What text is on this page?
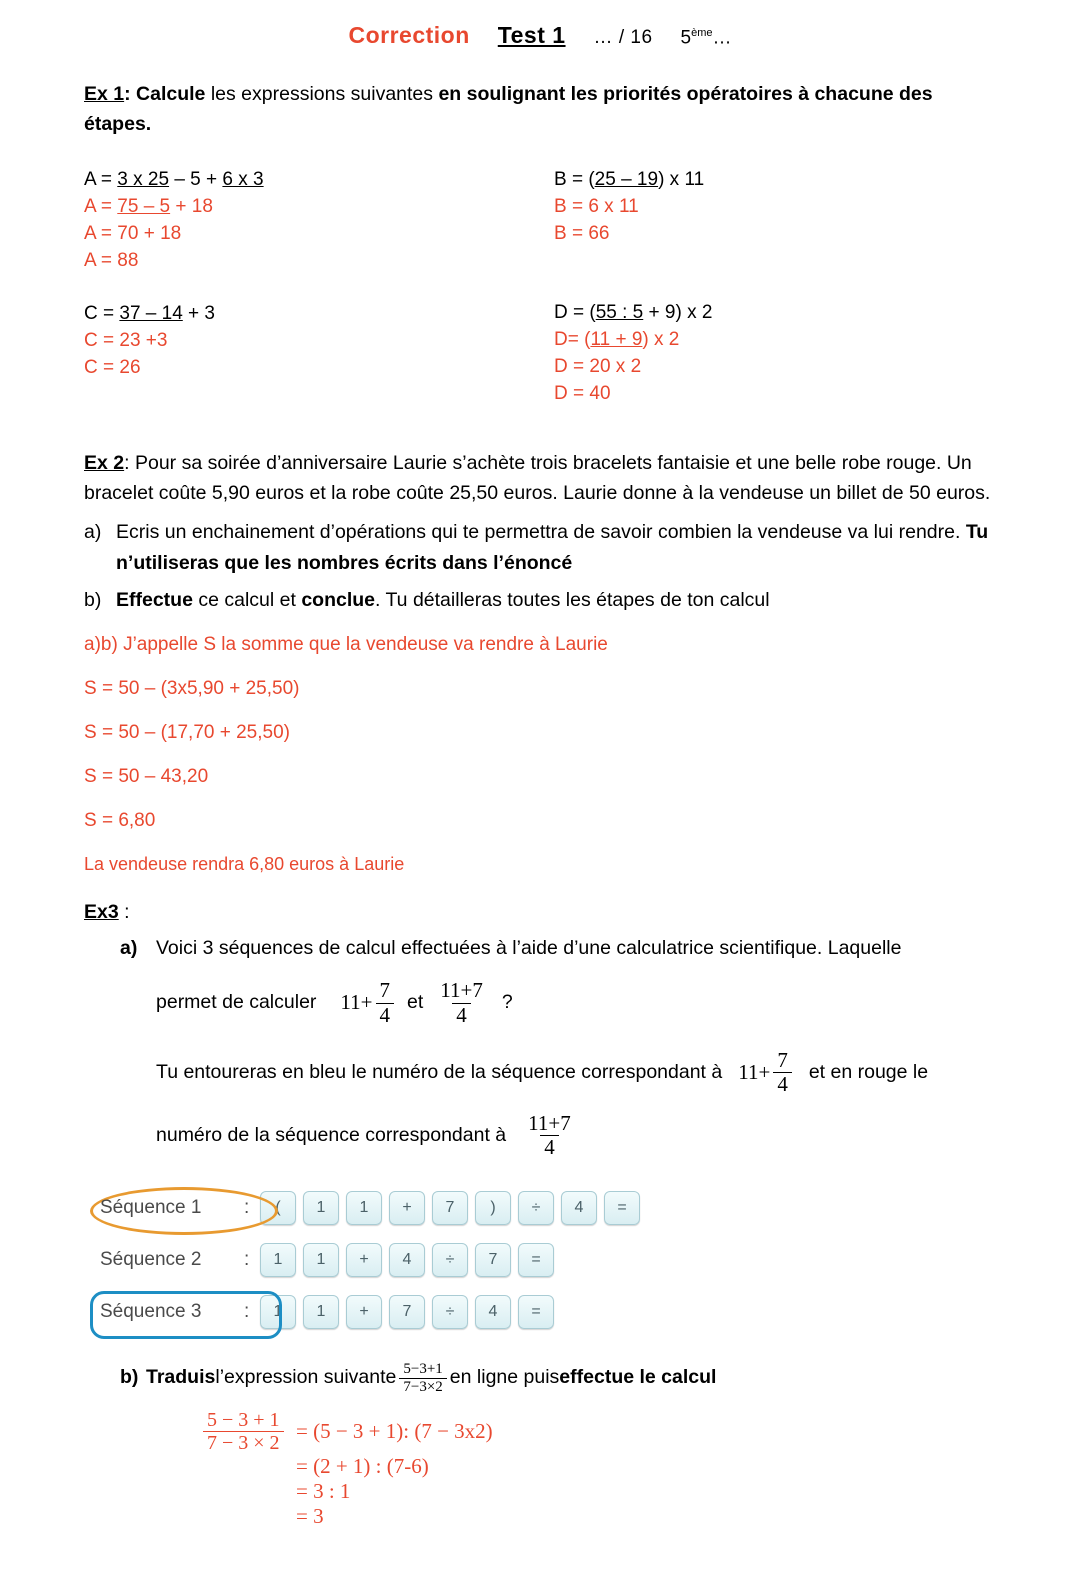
Correction Test 1 … / 16 5ème…
Ex 1: Calcule les expressions suivantes en soulignant les priorités opératoires à chacune des étapes.
A = 3 x 25 – 5 + 6 x 3
A = 75 – 5 + 18
A = 70 + 18
A = 88
C = 37 – 14 + 3
C = 23 +3
C = 26
B = (25 – 19) x 11
B = 6 x 11
B = 66
D = (55 : 5 + 9) x 2
D= (11 + 9) x 2
D = 20 x 2
D = 40
Ex 2: Pour sa soirée d’anniversaire Laurie s’achète trois bracelets fantaisie et une belle robe rouge. Un bracelet coûte 5,90 euros et la robe coûte 25,50 euros. Laurie donne à la vendeuse un billet de 50 euros.
a) Ecris un enchainement d’opérations qui te permettra de savoir combien la vendeuse va lui rendre. Tu n’utiliseras que les nombres écrits dans l’énoncé
b) Effectue ce calcul et conclue. Tu détailleras toutes les étapes de ton calcul
a)b) J’appelle S la somme que la vendeuse va rendre à Laurie
S = 50 – (3x5,90 + 25,50)
S = 50 – (17,70 + 25,50)
S = 50 – 43,20
S = 6,80
La vendeuse rendra 6,80 euros à Laurie
Ex3 :
a) Voici 3 séquences de calcul effectuées à l’aide d’une calculatrice scientifique. Laquelle
permet de calculer $11+ \frac{7}{4}$ et $\frac{11+7}{4}$ ?
Tu entoureras en bleu le numéro de la séquence correspondant à $11+ \frac{7}{4}$ et en rouge le
numéro de la séquence correspondant à $\frac{11+7}{4}$
Séquence 1	:	(	1	1	+	7	)	÷	4	=
Séquence 2	:	1	1	+	4	÷	7	=
Séquence 3	:	1	1	+	7	÷	4	=
b) Traduis l’expression suivante $\frac{5-3+1}{7-3\times 2}$ en ligne puis effectue le calcul
$\frac{5 - 3 + 1}{7 - 3 \times 2} = (5 - 3 + 1)$: (7 − 3x2)
= (2 + 1) : (7-6)
= 3 : 1
= 3
